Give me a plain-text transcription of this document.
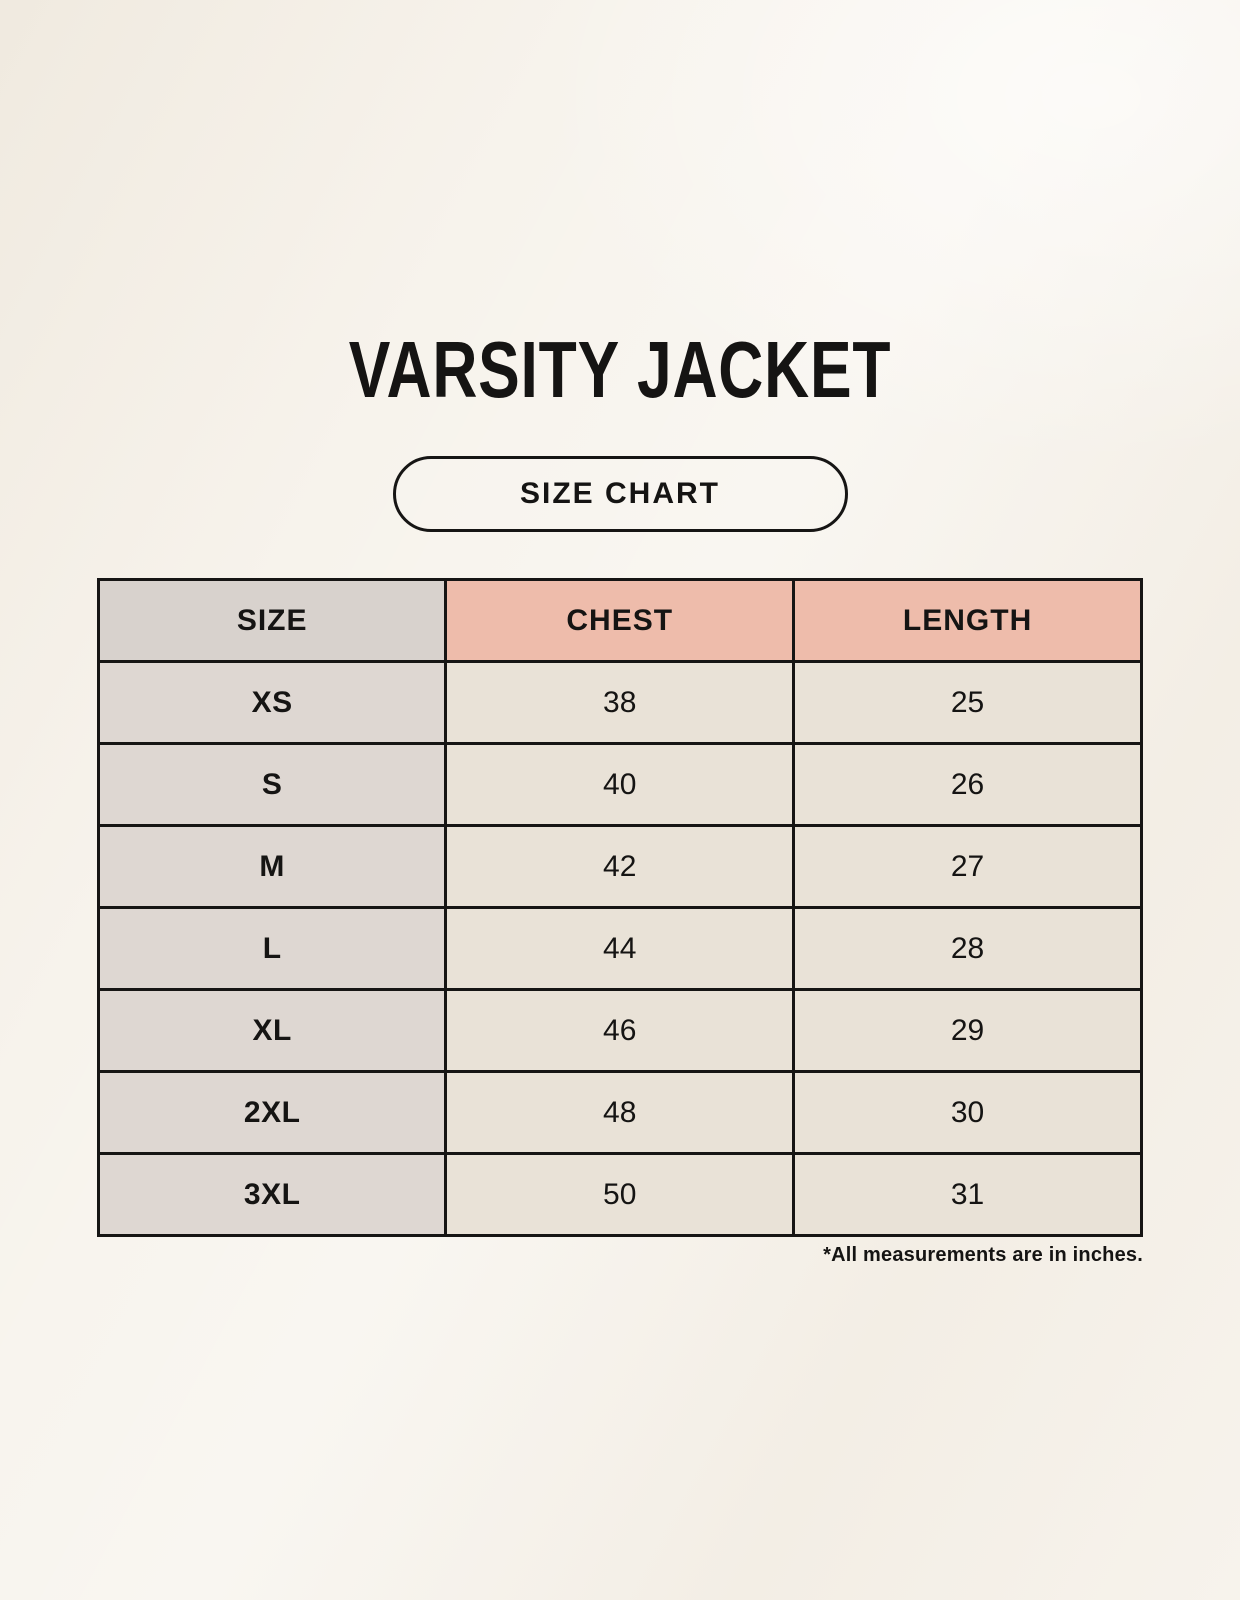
VARSITY JACKET
SIZE CHART
SIZE	CHEST	LENGTH
XS	38	25
S	40	26
M	42	27
L	44	28
XL	46	29
2XL	48	30
3XL	50	31

*All measurements are in inches.
